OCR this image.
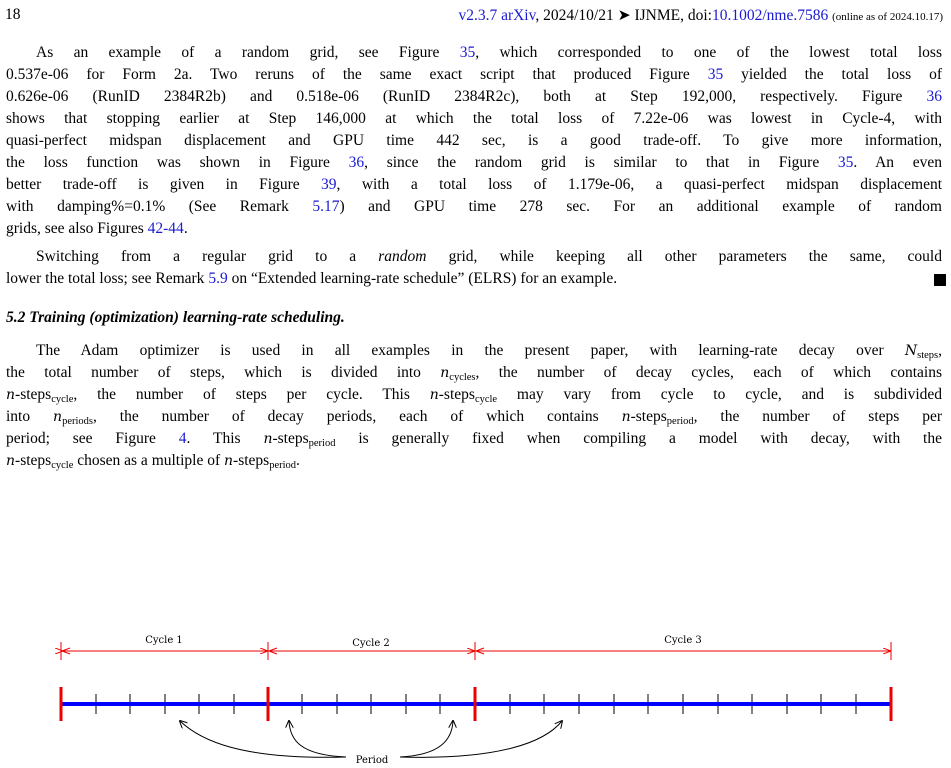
18	v2.3.7 arXiv, 2024/10/21 ➤ IJNME, doi:10.1002/nme.7586 (online as of 2024.10.17)
As an example of a random grid, see Figure 35, which corresponded to one of the lowest total loss
0.537e-06 for Form 2a. Two reruns of the same exact script that produced Figure 35 yielded the total loss of
0.626e-06 (RunID 2384R2b) and 0.518e-06 (RunID 2384R2c), both at Step 192,000, respectively. Figure 36
shows that stopping earlier at Step 146,000 at which the total loss of 7.22e-06 was lowest in Cycle-4, with
quasi-perfect midspan displacement and GPU time 442 sec, is a good trade-off. To give more information,
the loss function was shown in Figure 36, since the random grid is similar to that in Figure 35. An even
better trade-off is given in Figure 39, with a total loss of 1.179e-06, a quasi-perfect midspan displacement
with damping%=0.1% (See Remark 5.17) and GPU time 278 sec. For an additional example of random
grids, see also Figures 42-44.
Switching from a regular grid to a random grid, while keeping all other parameters the same, could
lower the total loss; see Remark 5.9 on “Extended learning-rate schedule” (ELRS) for an example.
5.2 Training (optimization) learning-rate scheduling.
The Adam optimizer is used in all examples in the present paper, with learning-rate decay over $N_{steps}$,
the total number of steps, which is divided into $n_{cycles}$, the number of decay cycles, each of which contains
n-steps$_{cycle}$, the number of steps per cycle. This n-steps$_{cycle}$ may vary from cycle to cycle, and is subdivided
into $n_{periods}$, the number of decay periods, each of which contains n-steps$_{period}$, the number of steps per
period; see Figure 4. This n-steps$_{period}$ is generally fixed when compiling a model with decay, with the
n-steps$_{cycle}$ chosen as a multiple of n-steps$_{period}$.
Cycle 1	Cycle 2	Cycle 3
Period
